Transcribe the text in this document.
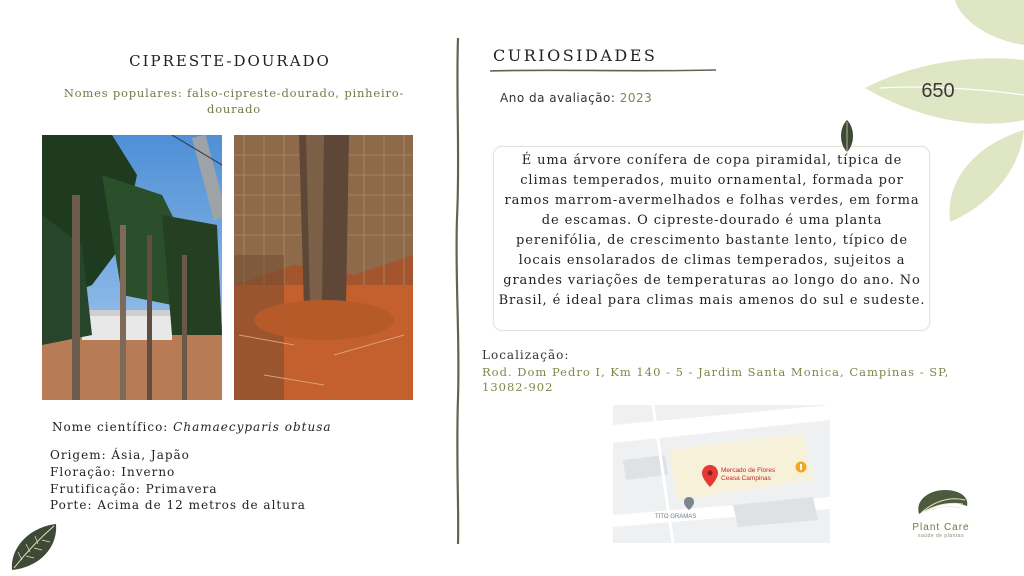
CIPRESTE-DOURADO
Nomes populares: falso-cipreste-dourado, pinheiro-dourado
Nome científico: Chamaecyparis obtusa
Origem: Ásia, Japão
Floração: Inverno
Frutificação: Primavera
Porte: Acima de 12 metros de altura
CURIOSIDADES
Ano da avaliação: 2023
É uma árvore conífera de copa piramidal, típica de climas temperados, muito ornamental, formada por ramos marrom-avermelhados e folhas verdes, em forma de escamas. O cipreste-dourado é uma planta perenifólia, de crescimento bastante lento, típico de locais ensolarados de climas temperados, sujeitos a grandes variações de temperaturas ao longo do ano. No Brasil, é ideal para climas mais amenos do sul e sudeste.
Localização:
Rod. Dom Pedro I, Km 140 - 5 - Jardim Santa Monica, Campinas - SP, 13082-902
Mercado de Flores
Ceasa Campinas
TITO GRAMAS
650
Plant Care
saúde de plantas
